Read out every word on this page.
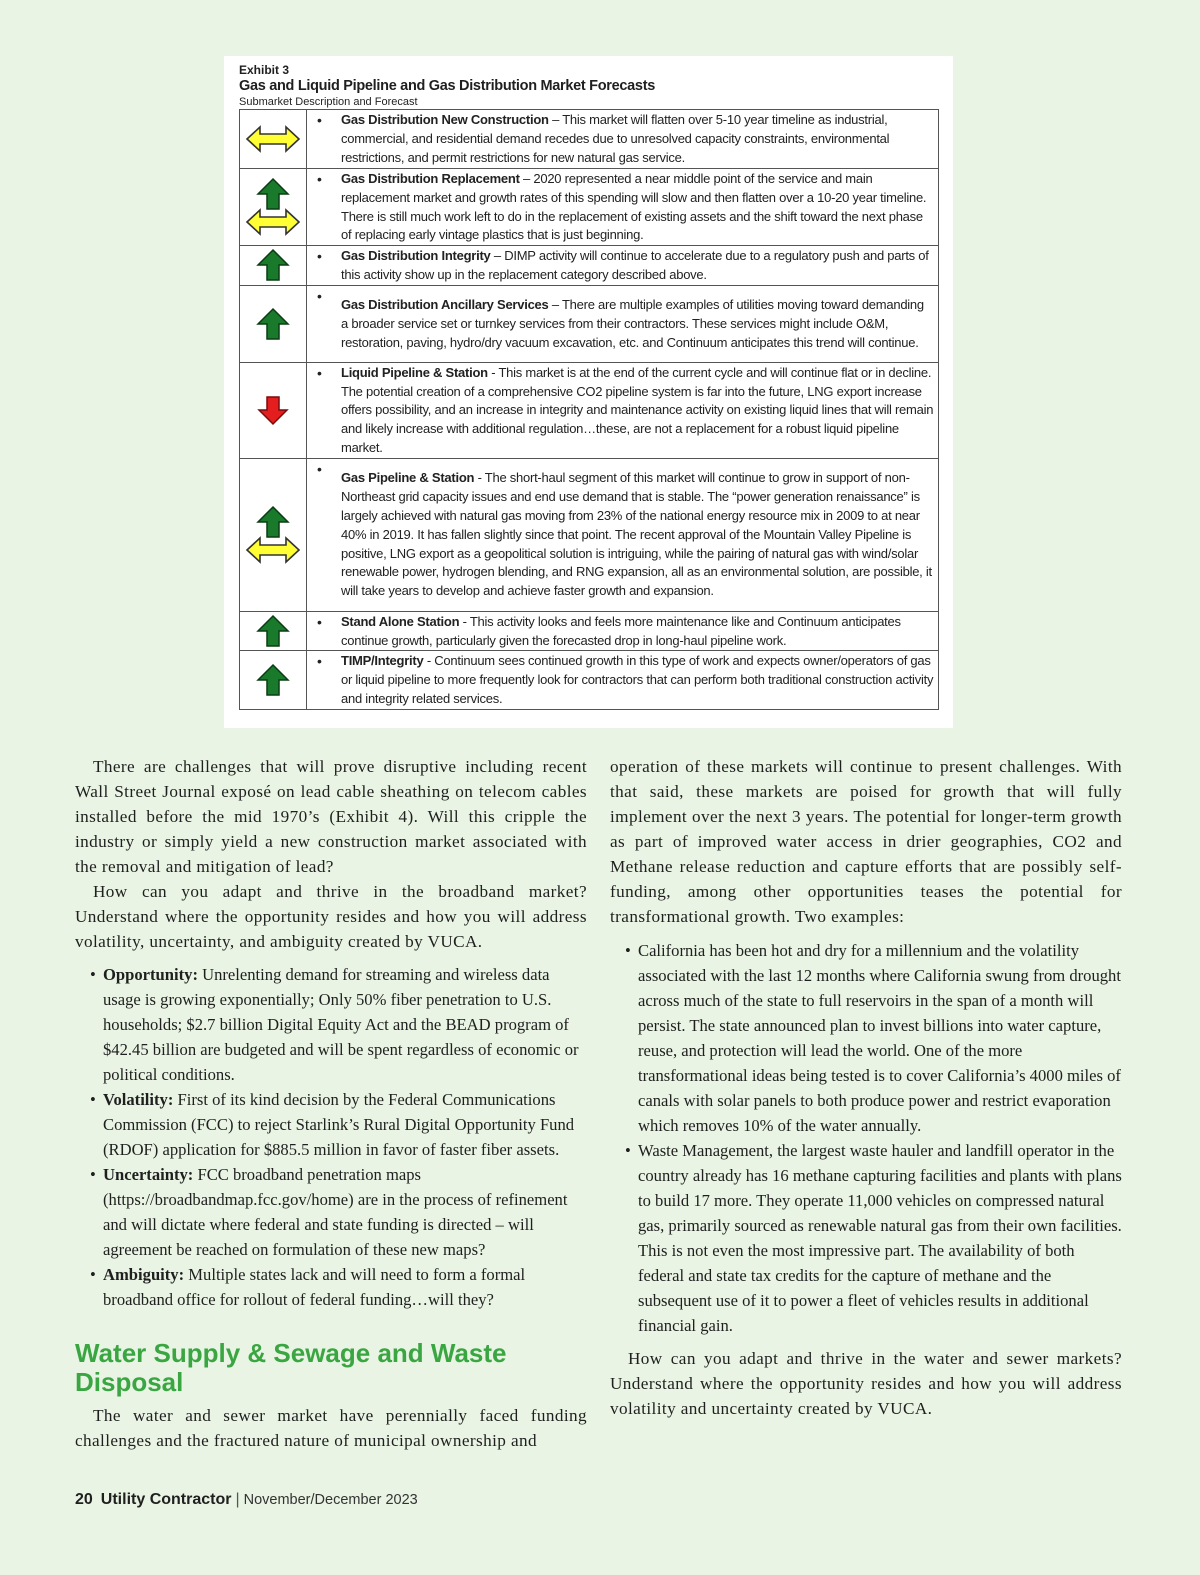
Exhibit 3
Gas and Liquid Pipeline and Gas Distribution Market Forecasts
Submarket Description and Forecast

• Gas Distribution New Construction – This market will flatten over 5-10 year timeline as industrial, commercial, and residential demand recedes due to unresolved capacity constraints, environmental restrictions, and permit restrictions for new natural gas service.

• Gas Distribution Replacement – 2020 represented a near middle point of the service and main replacement market and growth rates of this spending will slow and then flatten over a 10-20 year timeline. There is still much work left to do in the replacement of existing assets and the shift toward the next phase of replacing early vintage plastics that is just beginning.

• Gas Distribution Integrity – DIMP activity will continue to accelerate due to a regulatory push and parts of this activity show up in the replacement category described above.

•
Gas Distribution Ancillary Services – There are multiple examples of utilities moving toward demanding a broader service set or turnkey services from their contractors. These services might include O&M, restoration, paving, hydro/dry vacuum excavation, etc. and Continuum anticipates this trend will continue.

• Liquid Pipeline & Station - This market is at the end of the current cycle and will continue flat or in decline. The potential creation of a comprehensive CO2 pipeline system is far into the future, LNG export increase offers possibility, and an increase in integrity and maintenance activity on existing liquid lines that will remain and likely increase with additional regulation…these, are not a replacement for a robust liquid pipeline market.

•
Gas Pipeline & Station - The short-haul segment of this market will continue to grow in support of non-Northeast grid capacity issues and end use demand that is stable. The “power generation renaissance” is largely achieved with natural gas moving from 23% of the national energy resource mix in 2009 to at near 40% in 2019. It has fallen slightly since that point. The recent approval of the Mountain Valley Pipeline is positive, LNG export as a geopolitical solution is intriguing, while the pairing of natural gas with wind/solar renewable power, hydrogen blending, and RNG expansion, all as an environmental solution, are possible, it will take years to develop and achieve faster growth and expansion.

• Stand Alone Station - This activity looks and feels more maintenance like and Continuum anticipates continue growth, particularly given the forecasted drop in long-haul pipeline work.

• TIMP/Integrity - Continuum sees continued growth in this type of work and expects owner/operators of gas or liquid pipeline to more frequently look for contractors that can perform both traditional construction activity and integrity related services.

There are challenges that will prove disruptive including recent Wall Street Journal exposé on lead cable sheathing on telecom cables installed before the mid 1970’s (Exhibit 4). Will this cripple the industry or simply yield a new construction market associated with the removal and mitigation of lead?

How can you adapt and thrive in the broadband market? Understand where the opportunity resides and how you will address volatility, uncertainty, and ambiguity created by VUCA.

• Opportunity: Unrelenting demand for streaming and wireless data usage is growing exponentially; Only 50% fiber penetration to U.S. households; $2.7 billion Digital Equity Act and the BEAD program of $42.45 billion are budgeted and will be spent regardless of economic or political conditions.
• Volatility: First of its kind decision by the Federal Communications Commission (FCC) to reject Starlink’s Rural Digital Opportunity Fund (RDOF) application for $885.5 million in favor of faster fiber assets.
• Uncertainty: FCC broadband penetration maps (https://broadbandmap.fcc.gov/home) are in the process of refinement and will dictate where federal and state funding is directed – will agreement be reached on formulation of these new maps?
• Ambiguity: Multiple states lack and will need to form a formal broadband office for rollout of federal funding…will they?
Water Supply & Sewage and Waste Disposal

The water and sewer market have perennially faced funding challenges and the fractured nature of municipal ownership and

operation of these markets will continue to present challenges. With that said, these markets are poised for growth that will fully implement over the next 3 years. The potential for longer-term growth as part of improved water access in drier geographies, CO2 and Methane release reduction and capture efforts that are possibly self-funding, among other opportunities teases the potential for transformational growth. Two examples:

• California has been hot and dry for a millennium and the volatility associated with the last 12 months where California swung from drought across much of the state to full reservoirs in the span of a month will persist. The state announced plan to invest billions into water capture, reuse, and protection will lead the world. One of the more transformational ideas being tested is to cover California’s 4000 miles of canals with solar panels to both produce power and restrict evaporation which removes 10% of the water annually.
• Waste Management, the largest waste hauler and landfill operator in the country already has 16 methane capturing facilities and plants with plans to build 17 more. They operate 11,000 vehicles on compressed natural gas, primarily sourced as renewable natural gas from their own facilities. This is not even the most impressive part. The availability of both federal and state tax credits for the capture of methane and the subsequent use of it to power a fleet of vehicles results in additional financial gain.

How can you adapt and thrive in the water and sewer markets? Understand where the opportunity resides and how you will address volatility and uncertainty created by VUCA.

20 Utility Contractor | November/December 2023
